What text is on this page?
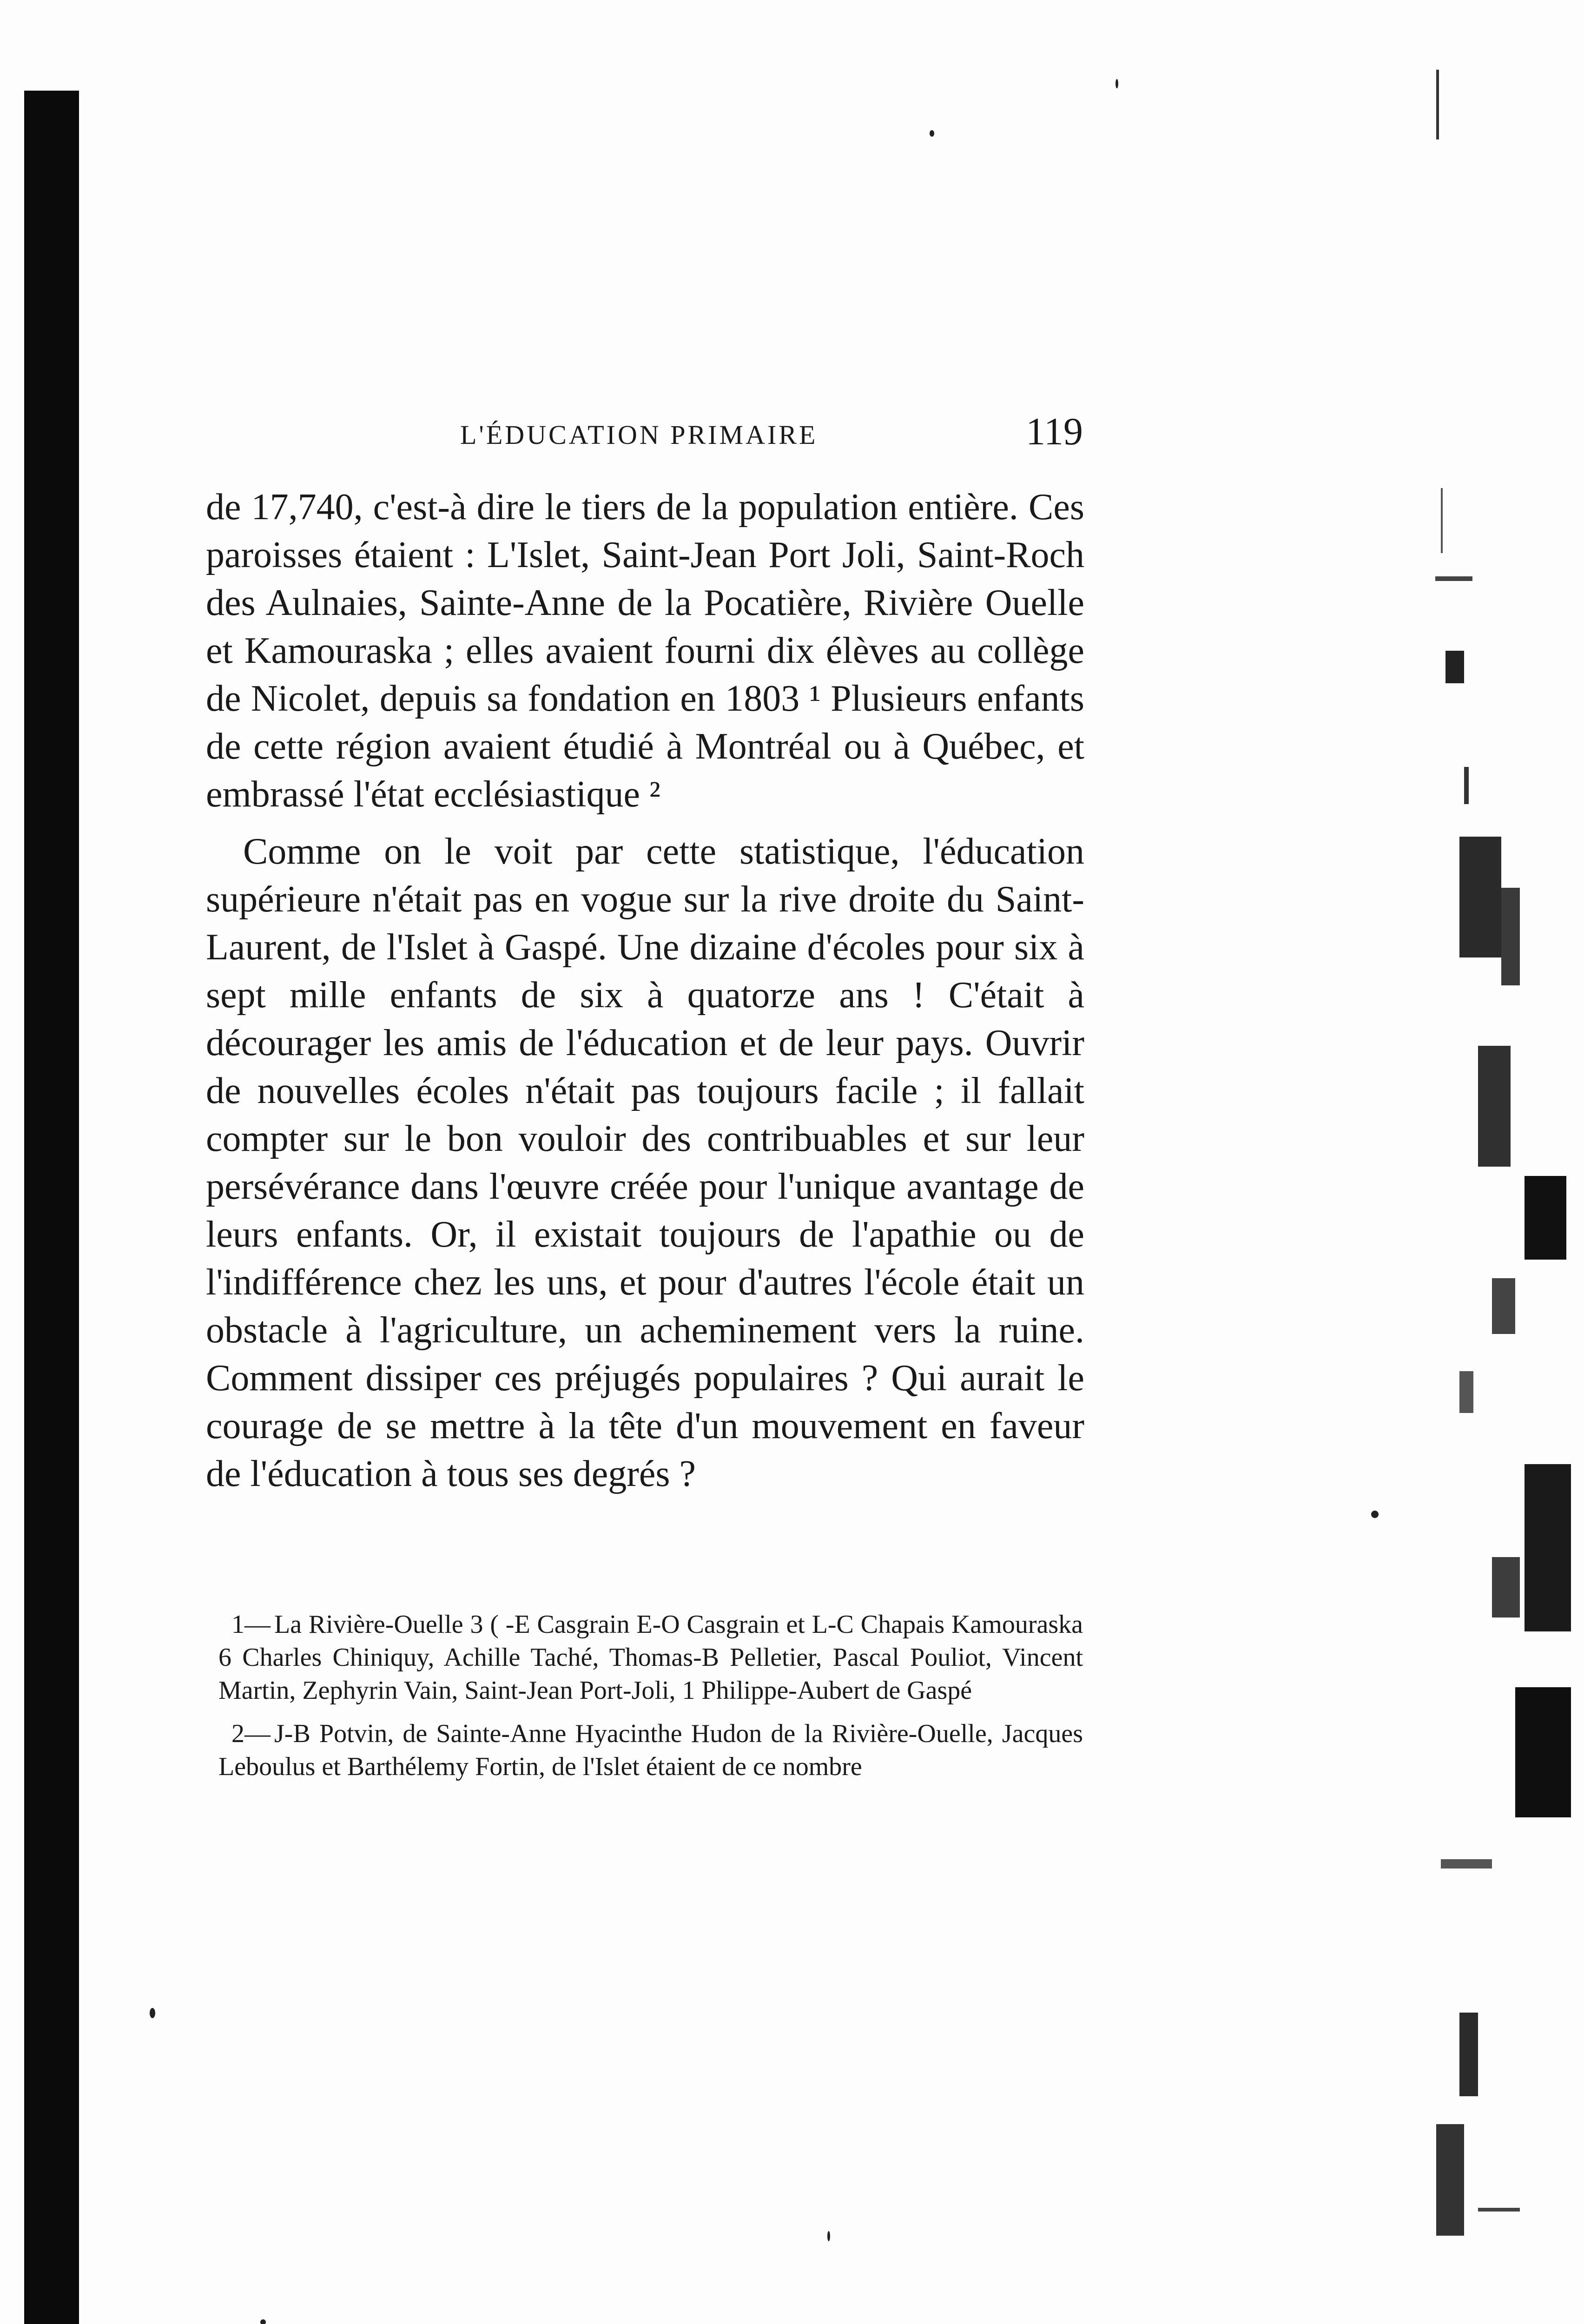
L'ÉDUCATION PRIMAIRE	119

de 17,740, c'est-à dire le tiers de la population entière. Ces paroisses étaient : L'Islet, Saint-Jean Port Joli, Saint-Roch des Aulnaies, Sainte-Anne de la Pocatière, Rivière Ouelle et Kamouraska ; elles avaient fourni dix élèves au collège de Nicolet, depuis sa fondation en 1803 ¹ Plusieurs enfants de cette région avaient étudié à Montréal ou à Québec, et embrassé l'état ecclésiastique ²

Comme on le voit par cette statistique, l'éducation supérieure n'était pas en vogue sur la rive droite du Saint-Laurent, de l'Islet à Gaspé. Une dizaine d'écoles pour six à sept mille enfants de six à quatorze ans ! C'était à décourager les amis de l'éducation et de leur pays. Ouvrir de nouvelles écoles n'était pas toujours facile ; il fallait compter sur le bon vouloir des contribuables et sur leur persévérance dans l'œuvre créée pour l'unique avantage de leurs enfants. Or, il existait toujours de l'apathie ou de l'indifférence chez les uns, et pour d'autres l'école était un obstacle à l'agriculture, un acheminement vers la ruine. Comment dissiper ces préjugés populaires ? Qui aurait le courage de se mettre à la tête d'un mouvement en faveur de l'éducation à tous ses degrés ?

1— La Rivière-Ouelle 3 ( -E Casgrain E-O Casgrain et L-C Chapais Kamouraska 6 Charles Chiniquy, Achille Taché, Thomas-B Pelletier, Pascal Pouliot, Vincent Martin, Zephyrin Vain, Saint-Jean Port-Joli, 1 Philippe-Aubert de Gaspé

2— J-B Potvin, de Sainte-Anne Hyacinthe Hudon de la Rivière-Ouelle, Jacques Leboulus et Barthélemy Fortin, de l'Islet étaient de ce nombre
